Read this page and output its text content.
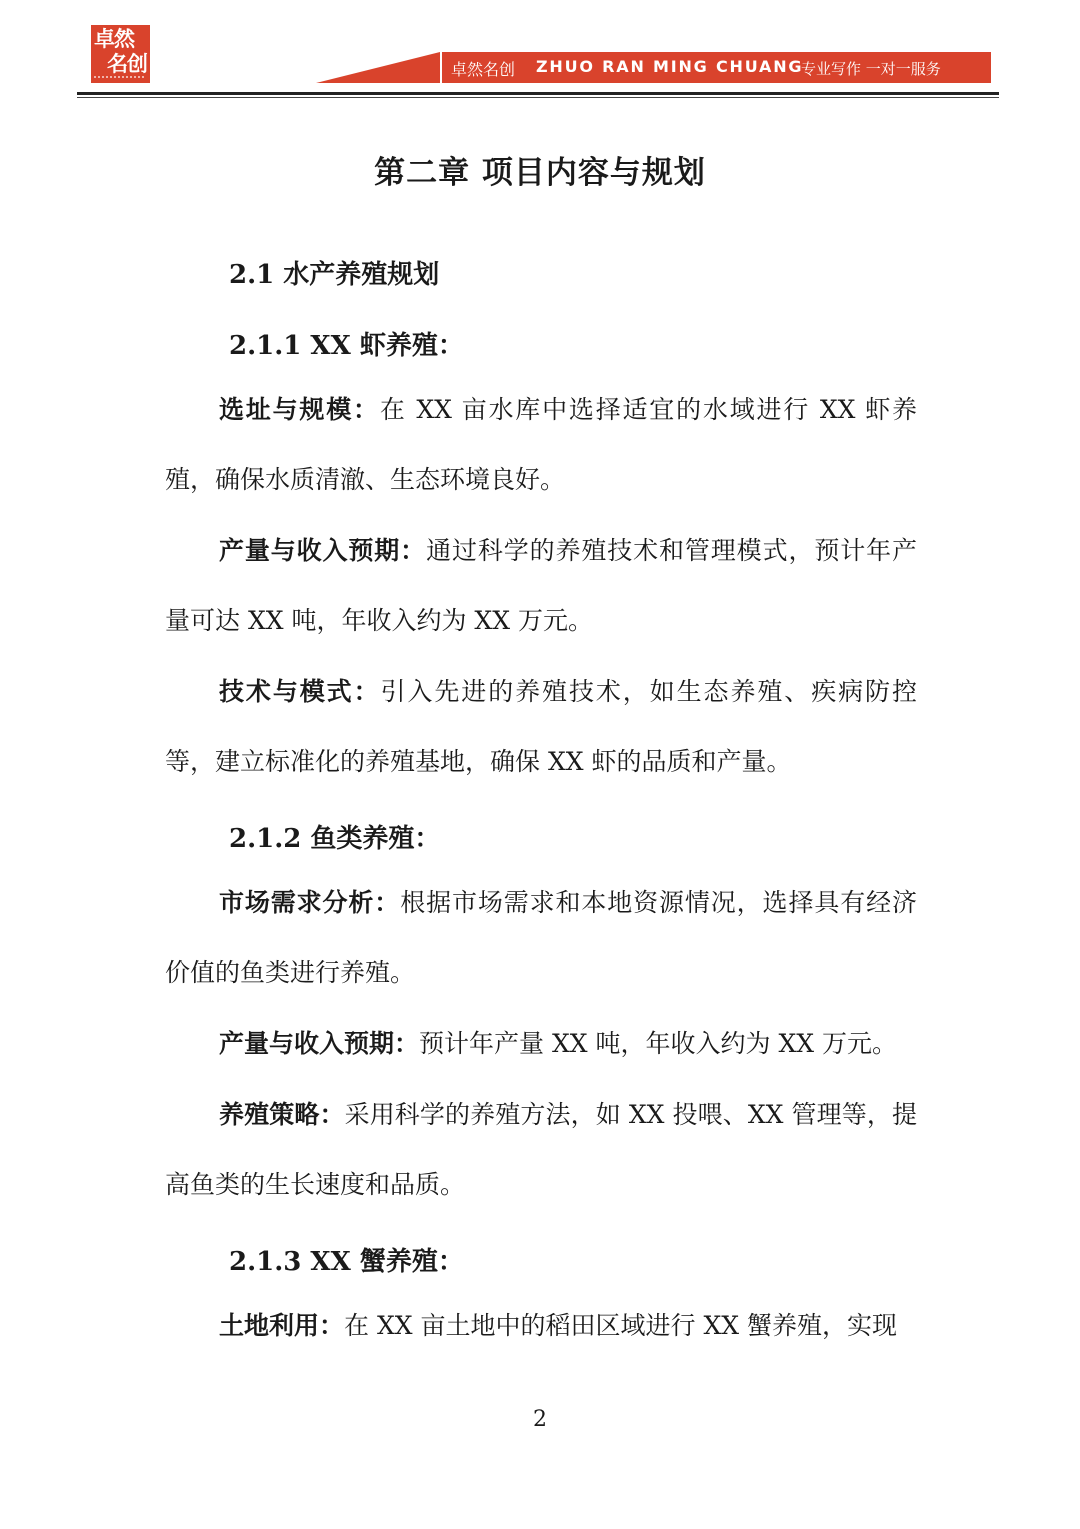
卓然
名创	卓然名创 ZHUO RAN MING CHUANG
专业写作 一对一服务
第二章 项目内容与规划
2.1 水产养殖规划
2.1.1 XX 虾养殖：

选址与规模：在 XX 亩水库中选择适宜的水域进行 XX 虾养殖，确保水质清澈、生态环境良好。

产量与收入预期：通过科学的养殖技术和管理模式，预计年产量可达 XX 吨，年收入约为 XX 万元。

技术与模式：引入先进的养殖技术，如生态养殖、疾病防控等，建立标准化的养殖基地，确保 XX 虾的品质和产量。

2.1.2 鱼类养殖：

市场需求分析：根据市场需求和本地资源情况，选择具有经济价值的鱼类进行养殖。

产量与收入预期：预计年产量 XX 吨，年收入约为 XX 万元。

养殖策略：采用科学的养殖方法，如 XX 投喂、XX 管理等，提高鱼类的生长速度和品质。

2.1.3 XX 蟹养殖：

土地利用：在 XX 亩土地中的稻田区域进行 XX 蟹养殖，实现

2
